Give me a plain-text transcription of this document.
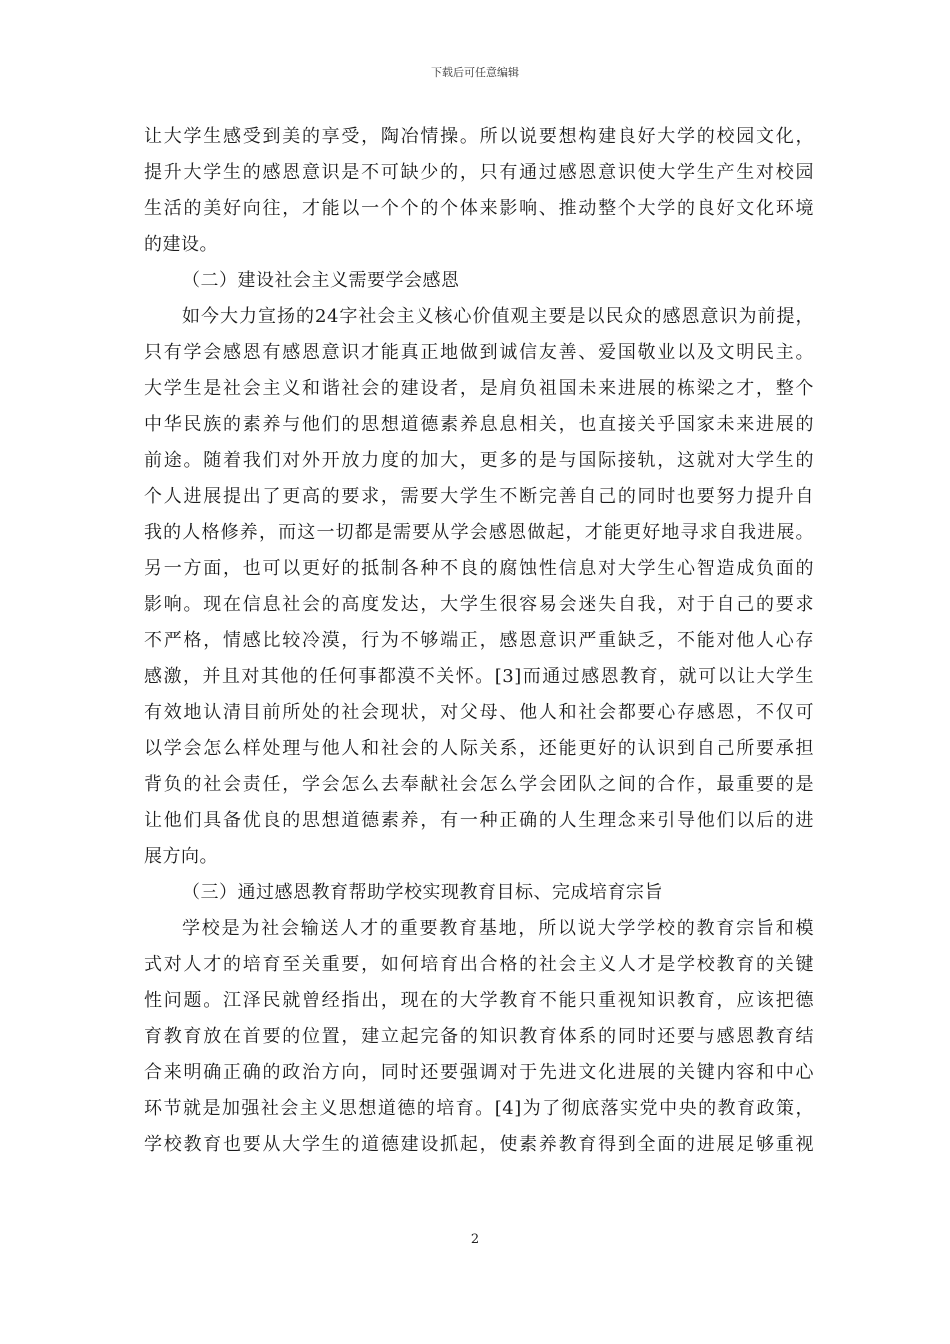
下载后可任意编辑
让大学生感受到美的享受，陶冶情操。所以说要想构建良好大学的校园文化，
提升大学生的感恩意识是不可缺少的，只有通过感恩意识使大学生产生对校园
生活的美好向往，才能以一个个的个体来影响、推动整个大学的良好文化环境
的建设。
（二）建设社会主义需要学会感恩
如今大力宣扬的24字社会主义核心价值观主要是以民众的感恩意识为前提，
只有学会感恩有感恩意识才能真正地做到诚信友善、爱国敬业以及文明民主。
大学生是社会主义和谐社会的建设者，是肩负祖国未来进展的栋梁之才，整个
中华民族的素养与他们的思想道德素养息息相关，也直接关乎国家未来进展的
前途。随着我们对外开放力度的加大，更多的是与国际接轨，这就对大学生的
个人进展提出了更高的要求，需要大学生不断完善自己的同时也要努力提升自
我的人格修养，而这一切都是需要从学会感恩做起，才能更好地寻求自我进展。
另一方面，也可以更好的抵制各种不良的腐蚀性信息对大学生心智造成负面的
影响。现在信息社会的高度发达，大学生很容易会迷失自我，对于自己的要求
不严格，情感比较冷漠，行为不够端正，感恩意识严重缺乏，不能对他人心存
感激，并且对其他的任何事都漠不关怀。[3]而通过感恩教育，就可以让大学生
有效地认清目前所处的社会现状，对父母、他人和社会都要心存感恩，不仅可
以学会怎么样处理与他人和社会的人际关系，还能更好的认识到自己所要承担
背负的社会责任，学会怎么去奉献社会怎么学会团队之间的合作，最重要的是
让他们具备优良的思想道德素养，有一种正确的人生理念来引导他们以后的进
展方向。
（三）通过感恩教育帮助学校实现教育目标、完成培育宗旨
学校是为社会输送人才的重要教育基地，所以说大学学校的教育宗旨和模
式对人才的培育至关重要，如何培育出合格的社会主义人才是学校教育的关键
性问题。江泽民就曾经指出，现在的大学教育不能只重视知识教育，应该把德
育教育放在首要的位置，建立起完备的知识教育体系的同时还要与感恩教育结
合来明确正确的政治方向，同时还要强调对于先进文化进展的关键内容和中心
环节就是加强社会主义思想道德的培育。[4]为了彻底落实党中央的教育政策，
学校教育也要从大学生的道德建设抓起，使素养教育得到全面的进展足够重视
2
